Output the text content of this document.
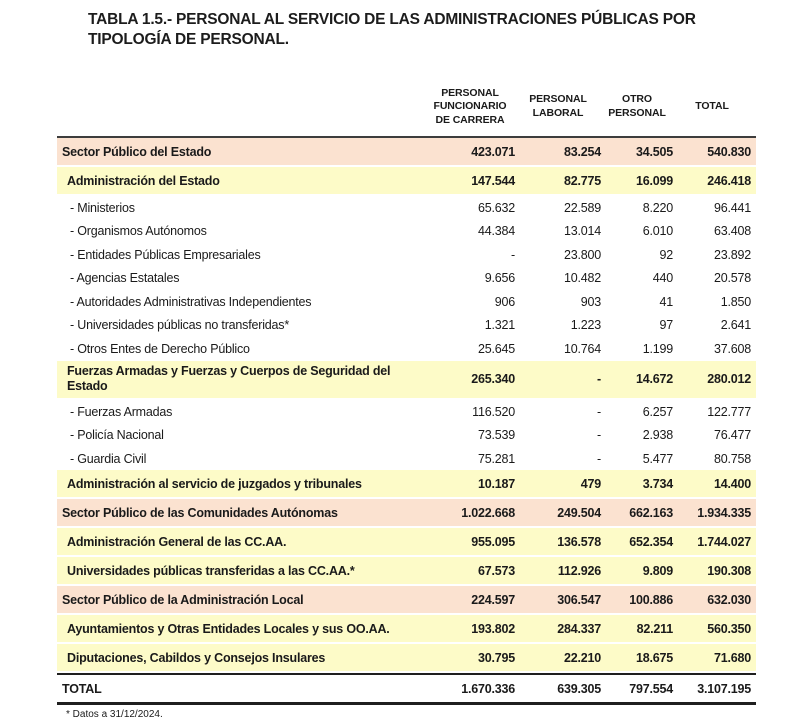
TABLA 1.5.- PERSONAL AL SERVICIO DE LAS ADMINISTRACIONES PÚBLICAS POR TIPOLOGÍA DE PERSONAL.
PERSONAL FUNCIONARIO DE CARRERA
PERSONAL LABORAL
OTRO PERSONAL
TOTAL
Sector Público del Estado	423.071	83.254	34.505	540.830
Administración del Estado	147.544	82.775	16.099	246.418
- Ministerios	65.632	22.589	8.220	96.441
- Organismos Autónomos	44.384	13.014	6.010	63.408
- Entidades Públicas Empresariales	-	23.800	92	23.892
- Agencias Estatales	9.656	10.482	440	20.578
- Autoridades Administrativas Independientes	906	903	41	1.850
- Universidades públicas no transferidas*	1.321	1.223	97	2.641
- Otros Entes de Derecho Público	25.645	10.764	1.199	37.608
Fuerzas Armadas y Fuerzas y Cuerpos de Seguridad del Estado	265.340	-	14.672	280.012
- Fuerzas Armadas	116.520	-	6.257	122.777
- Policía Nacional	73.539	-	2.938	76.477
- Guardia Civil	75.281	-	5.477	80.758
Administración al servicio de juzgados y tribunales	10.187	479	3.734	14.400
Sector Público de las Comunidades Autónomas	1.022.668	249.504	662.163	1.934.335
Administración General de las CC.AA.	955.095	136.578	652.354	1.744.027
Universidades públicas transferidas a las CC.AA.*	67.573	112.926	9.809	190.308
Sector Público de la Administración Local	224.597	306.547	100.886	632.030
Ayuntamientos y Otras Entidades Locales y sus OO.AA.	193.802	284.337	82.211	560.350
Diputaciones, Cabildos y Consejos Insulares	30.795	22.210	18.675	71.680
TOTAL	1.670.336	639.305	797.554	3.107.195
* Datos a 31/12/2024.
